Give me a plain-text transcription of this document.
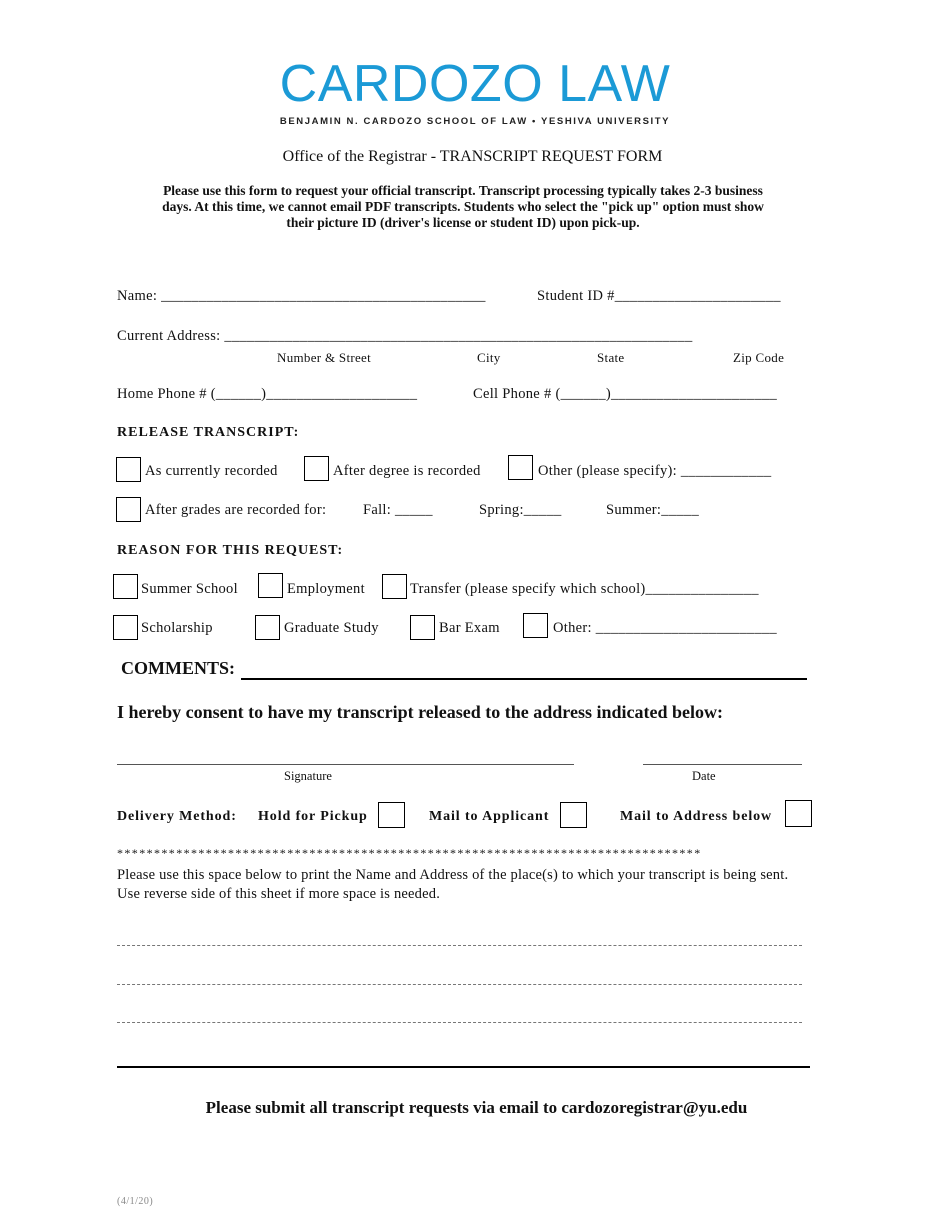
CARDOZO LAW
BENJAMIN N. CARDOZO SCHOOL OF LAW • YESHIVA UNIVERSITY
Office of the Registrar - TRANSCRIPT REQUEST FORM
Please use this form to request your official transcript. Transcript processing typically takes 2-3 business days. At this time, we cannot email PDF transcripts. Students who select the "pick up" option must show their picture ID (driver's license or student ID) upon pick-up.
Name: ___________________________________________	Student ID #______________________
Current Address: ______________________________________________________________
Number & Street	City	State	Zip Code
Home Phone # (______)____________________	Cell Phone # (______)______________________
RELEASE TRANSCRIPT:
As currently recorded	After degree is recorded	Other (please specify): ____________
After grades are recorded for:	Fall: _____	Spring:_____	Summer:_____
REASON FOR THIS REQUEST:
Summer School	Employment	Transfer (please specify which school)_______________
Scholarship	Graduate Study	Bar Exam	Other: ________________________
COMMENTS:
I hereby consent to have my transcript released to the address indicated below:
Signature	Date
Delivery Method: Hold for Pickup	Mail to Applicant	Mail to Address below
*******************************************************************************
Please use this space below to print the Name and Address of the place(s) to which your transcript is being sent. Use reverse side of this sheet if more space is needed.
Please submit all transcript requests via email to cardozoregistrar@yu.edu
(4/1/20)
